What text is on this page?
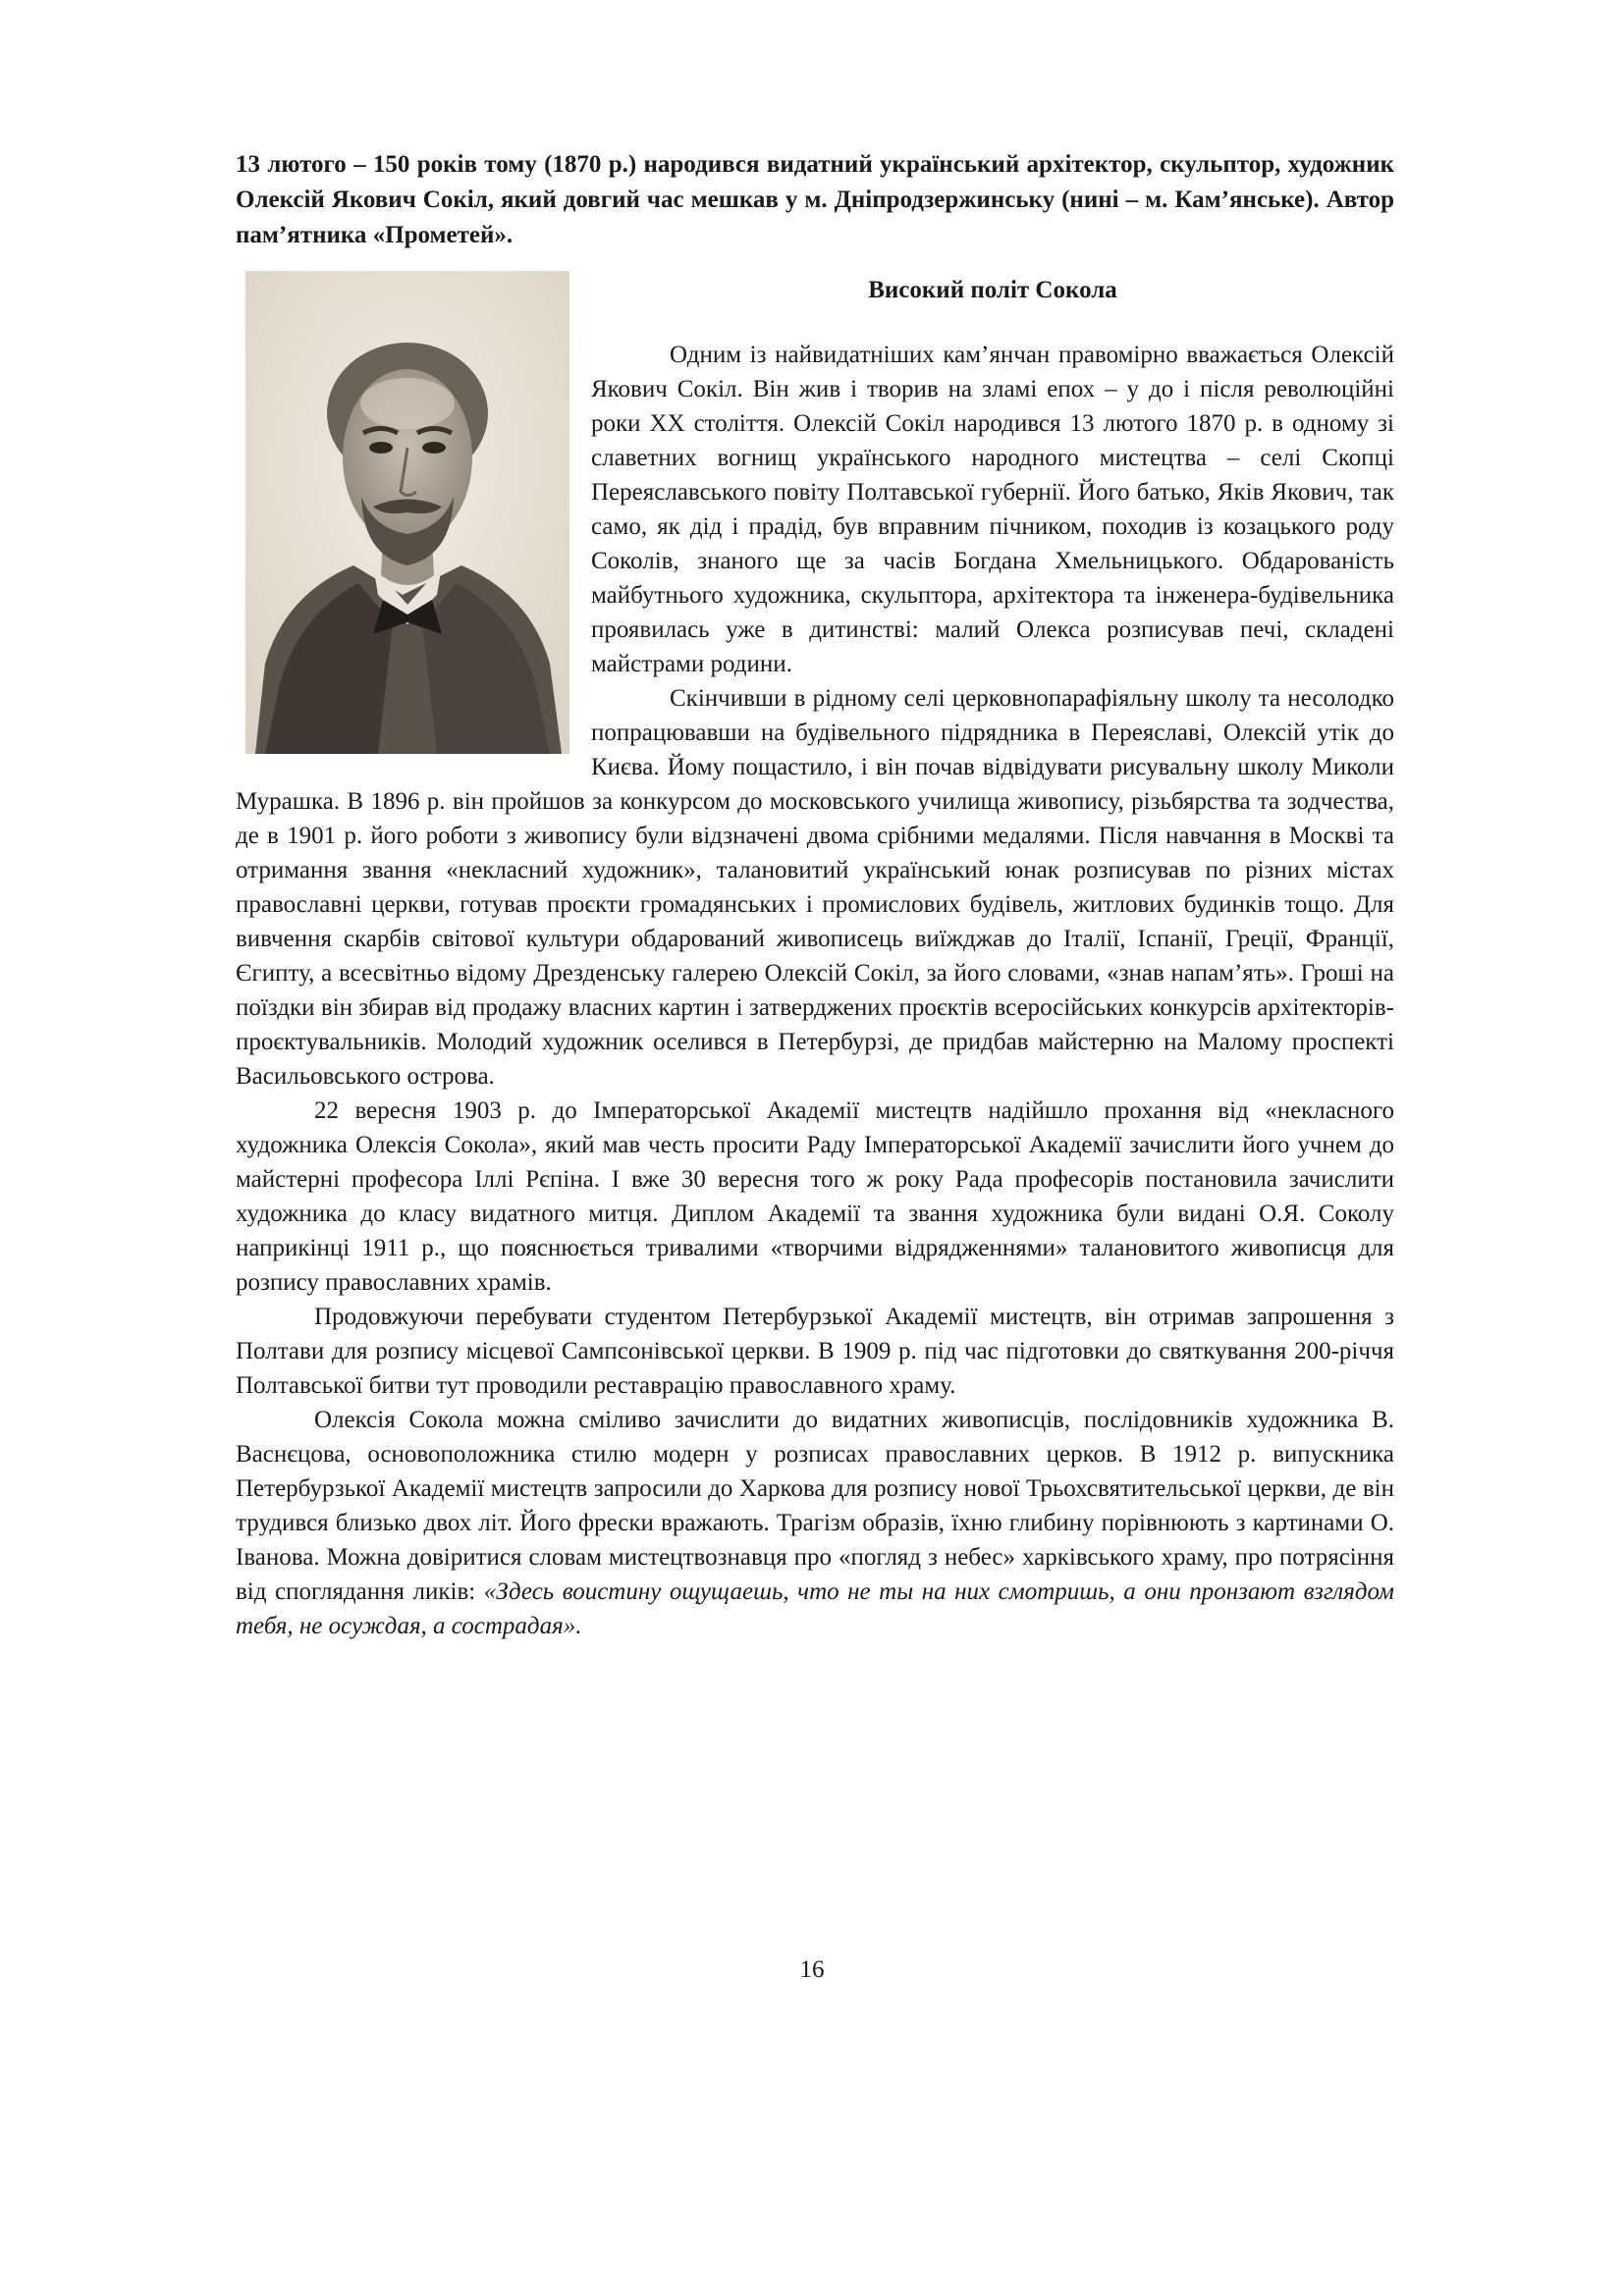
13 лютого – 150 років тому (1870 р.) народився видатний український архітектор, скульптор, художник Олексій Якович Сокіл, який довгий час мешкав у м. Дніпродзержинську (нині – м. Кам’янське). Автор пам’ятника «Прометей».

Високий політ Сокола

Одним із найвидатніших кам’янчан правомірно вважається Олексій Якович Сокіл. Він жив і творив на зламі епох – у до і після революційні роки XX століття. Олексій Сокіл народився 13 лютого 1870 р. в одному зі славетних вогнищ українського народного мистецтва – селі Скопці Переяславського повіту Полтавської губернії. Його батько, Яків Якович, так само, як дід і прадід, був вправним пічником, походив із козацького роду Соколів, знаного ще за часів Богдана Хмельницького. Обдарованість майбутнього художника, скульптора, архітектора та інженера-будівельника проявилась уже в дитинстві: малий Олекса розписував печі, складені майстрами родини.

Скінчивши в рідному селі церковнопарафіяльну школу та несолодко попрацювавши на будівельного підрядника в Переяславі, Олексій утік до Києва. Йому пощастило, і він почав відвідувати рисувальну школу Миколи Мурашка. В 1896 р. він пройшов за конкурсом до московського училища живопису, різьбярства та зодчества, де в 1901 р. його роботи з живопису були відзначені двома срібними медалями. Після навчання в Москві та отримання звання «некласний художник», талановитий український юнак розписував по різних містах православні церкви, готував проєкти громадянських і промислових будівель, житлових будинків тощо. Для вивчення скарбів світової культури обдарований живописець виїжджав до Італії, Іспанії, Греції, Франції, Єгипту, а всесвітньо відому Дрезденську галерею Олексій Сокіл, за його словами, «знав напам’ять». Гроші на поїздки він збирав від продажу власних картин і затверджених проєктів всеросійських конкурсів архітекторів-проєктувальників. Молодий художник оселився в Петербурзі, де придбав майстерню на Малому проспекті Васильовського острова.

22 вересня 1903 р. до Імператорської Академії мистецтв надійшло прохання від «некласного художника Олексія Сокола», який мав честь просити Раду Імператорської Академії зачислити його учнем до майстерні професора Іллі Рєпіна. І вже 30 вересня того ж року Рада професорів постановила зачислити художника до класу видатного митця. Диплом Академії та звання художника були видані О.Я. Соколу наприкінці 1911 р., що пояснюється тривалими «творчими відрядженнями» талановитого живописця для розпису православних храмів.

Продовжуючи перебувати студентом Петербурзької Академії мистецтв, він отримав запрошення з Полтави для розпису місцевої Сампсонівської церкви. В 1909 р. під час підготовки до святкування 200-річчя Полтавської битви тут проводили реставрацію православного храму.

Олексія Сокола можна сміливо зачислити до видатних живописців, послідовників художника В. Васнєцова, основоположника стилю модерн у розписах православних церков. В 1912 р. випускника Петербурзької Академії мистецтв запросили до Харкова для розпису нової Трьохсвятительської церкви, де він трудився близько двох літ. Його фрески вражають. Трагізм образів, їхню глибину порівнюють з картинами О. Іванова. Можна довіритися словам мистецтвознавця про «погляд з небес» харківського храму, про потрясіння від споглядання ликів: «Здесь воистину ощущаешь, что не ты на них смотришь, а они пронзают взглядом тебя, не осуждая, а сострадая».

16
